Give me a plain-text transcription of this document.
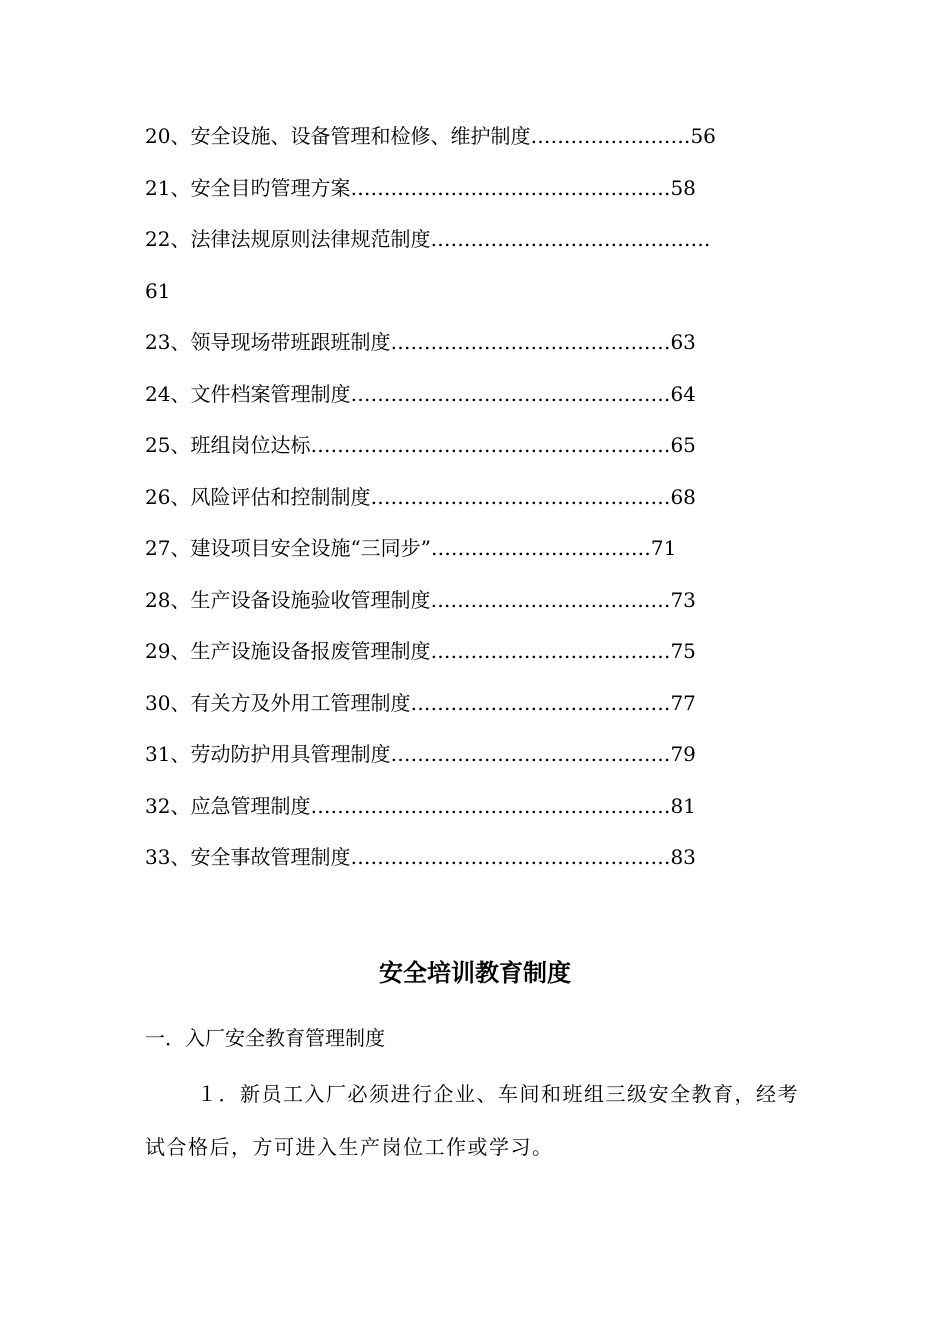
20、安全设施、设备管理和检修、维护制度……………………56
21、安全目旳管理方案…………………………………………58
22、法律法规原则法律规范制度……………………………………
61
23、领导现场带班跟班制度……………………………………63
24、文件档案管理制度…………………………………………64
25、班组岗位达标………………………………………………65
26、风险评估和控制制度………………………………………68
27、建设项目安全设施“三同步”……………………………71
28、生产设备设施验收管理制度………………………………73
29、生产设施设备报废管理制度………………………………75
30、有关方及外用工管理制度…………………………………77
31、劳动防护用具管理制度……………………………………79
32、应急管理制度………………………………………………81
33、安全事故管理制度…………………………………………83
安全培训教育制度
一．入厂安全教育管理制度
１．新员工入厂必须进行企业、车间和班组三级安全教育，经考试合格后，方可进入生产岗位工作或学习。
